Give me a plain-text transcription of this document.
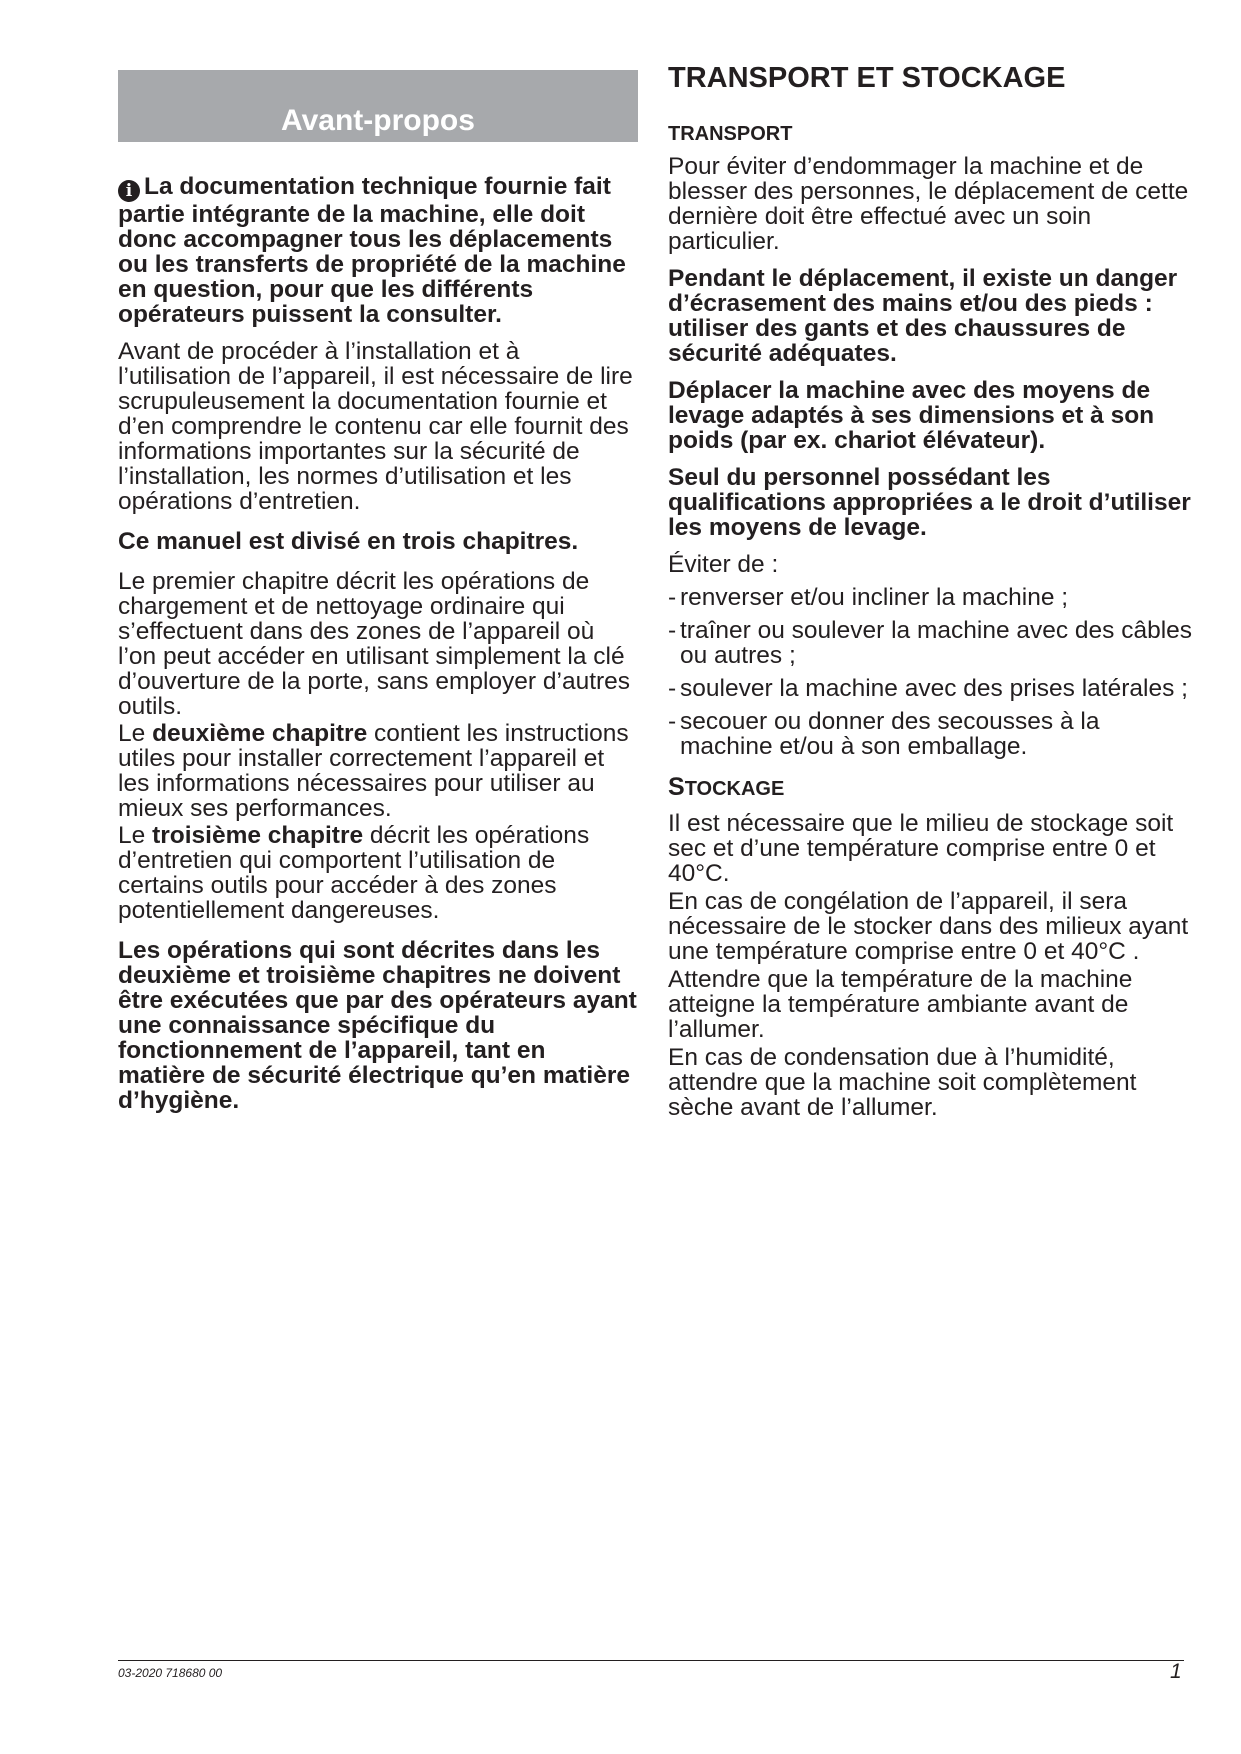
Avant-propos

i La documentation technique fournie fait partie intégrante de la machine, elle doit donc accompagner tous les déplacements ou les transferts de propriété de la machine en question, pour que les différents opérateurs puissent la consulter.

Avant de procéder à l’installation et à l’utilisation de l’appareil, il est nécessaire de lire scrupuleusement la documentation fournie et d’en comprendre le contenu car elle fournit des informations importantes sur la sécurité de l’installation, les normes d’utilisation et les opérations d’entretien.

Ce manuel est divisé en trois chapitres.

Le premier chapitre décrit les opérations de chargement et de nettoyage ordinaire qui s’effectuent dans des zones de l’appareil où l’on peut accéder en utilisant simplement la clé d’ouverture de la porte, sans employer d’autres outils.

Le deuxième chapitre contient les instructions utiles pour installer correctement l’appareil et les informations nécessaires pour utiliser au mieux ses performances.

Le troisième chapitre décrit les opérations d’entretien qui comportent l’utilisation de certains outils pour accéder à des zones potentiellement dangereuses.

Les opérations qui sont décrites dans les deuxième et troisième chapitres ne doivent être exécutées que par des opérateurs ayant une connaissance spécifique du fonctionnement de l’appareil, tant en matière de sécurité électrique qu’en matière d’hygiène.

TRANSPORT ET STOCKAGE
TRANSPORT

Pour éviter d’endommager la machine et de blesser des personnes, le déplacement de cette dernière doit être effectué avec un soin particulier.

Pendant le déplacement, il existe un danger d’écrasement des mains et/ou des pieds : utiliser des gants et des chaussures de sécurité adéquates.

Déplacer la machine avec des moyens de levage adaptés à ses dimensions et à son poids (par ex. chariot élévateur).

Seul du personnel possédant les qualifications appropriées a le droit d’utiliser les moyens de levage.

Éviter de :

- renverser et/ou incliner la machine ;
- traîner ou soulever la machine avec des câbles ou autres ;
- soulever la machine avec des prises latérales ;
- secouer ou donner des secousses à la machine et/ou à son emballage.
STOCKAGE

Il est nécessaire que le milieu de stockage soit sec et d’une température comprise entre 0 et 40°C.

En cas de congélation de l’appareil, il sera nécessaire de le stocker dans des milieux ayant une température comprise entre 0 et 40°C .

Attendre que la température de la machine atteigne la température ambiante avant de l’allumer.

En cas de condensation due à l’humidité, attendre que la machine soit complètement sèche avant de l’allumer.

03-2020 718680 00	1
